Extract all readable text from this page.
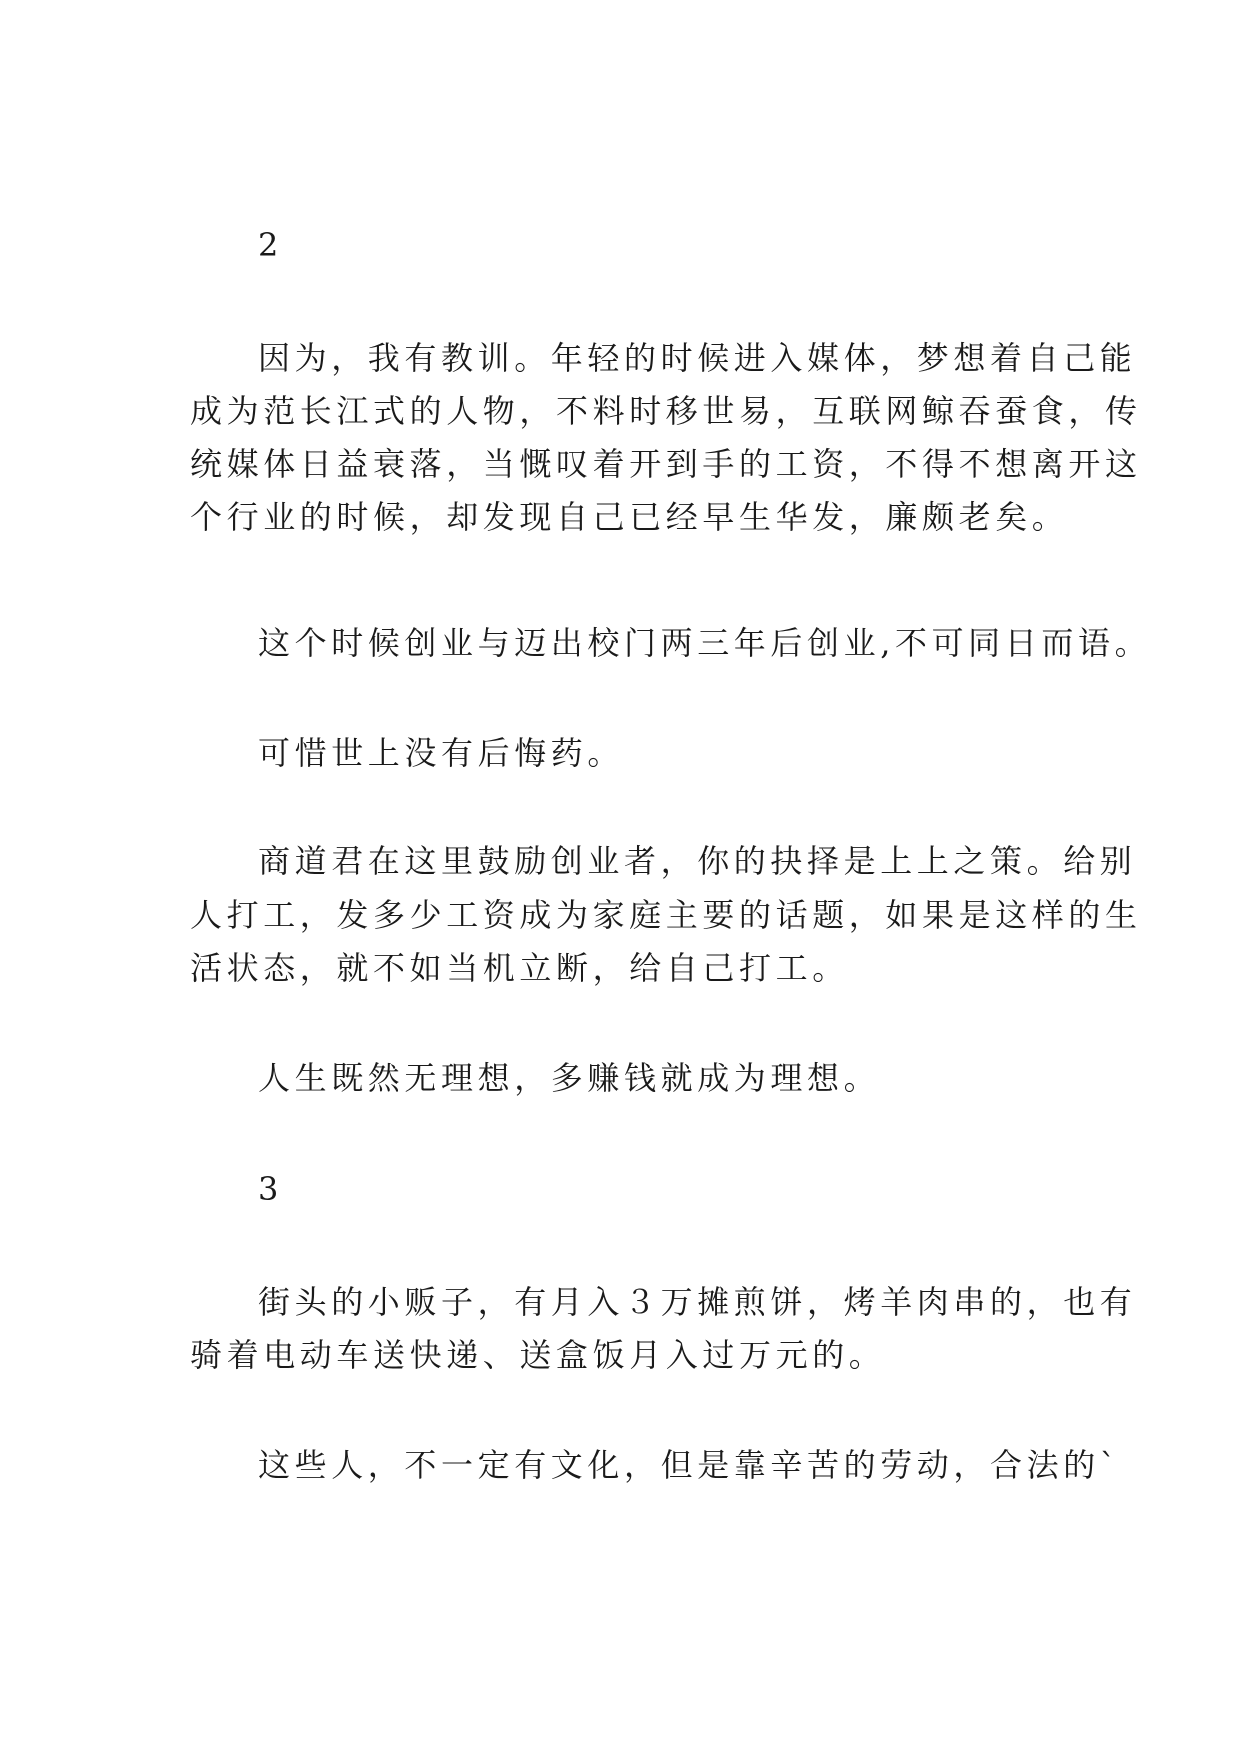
2
因为，我有教训。年轻的时候进入媒体，梦想着自己能
成为范长江式的人物，不料时移世易，互联网鲸吞蚕食，传
统媒体日益衰落，当慨叹着开到手的工资，不得不想离开这
个行业的时候，却发现自己已经早生华发，廉颇老矣。
这个时候创业与迈出校门两三年后创业,不可同日而语。
可惜世上没有后悔药。
商道君在这里鼓励创业者，你的抉择是上上之策。给别
人打工，发多少工资成为家庭主要的话题，如果是这样的生
活状态，就不如当机立断，给自己打工。
人生既然无理想，多赚钱就成为理想。
3
街头的小贩子，有月入３万摊煎饼，烤羊肉串的，也有
骑着电动车送快递、送盒饭月入过万元的。
这些人，不一定有文化，但是靠辛苦的劳动，合法的`
